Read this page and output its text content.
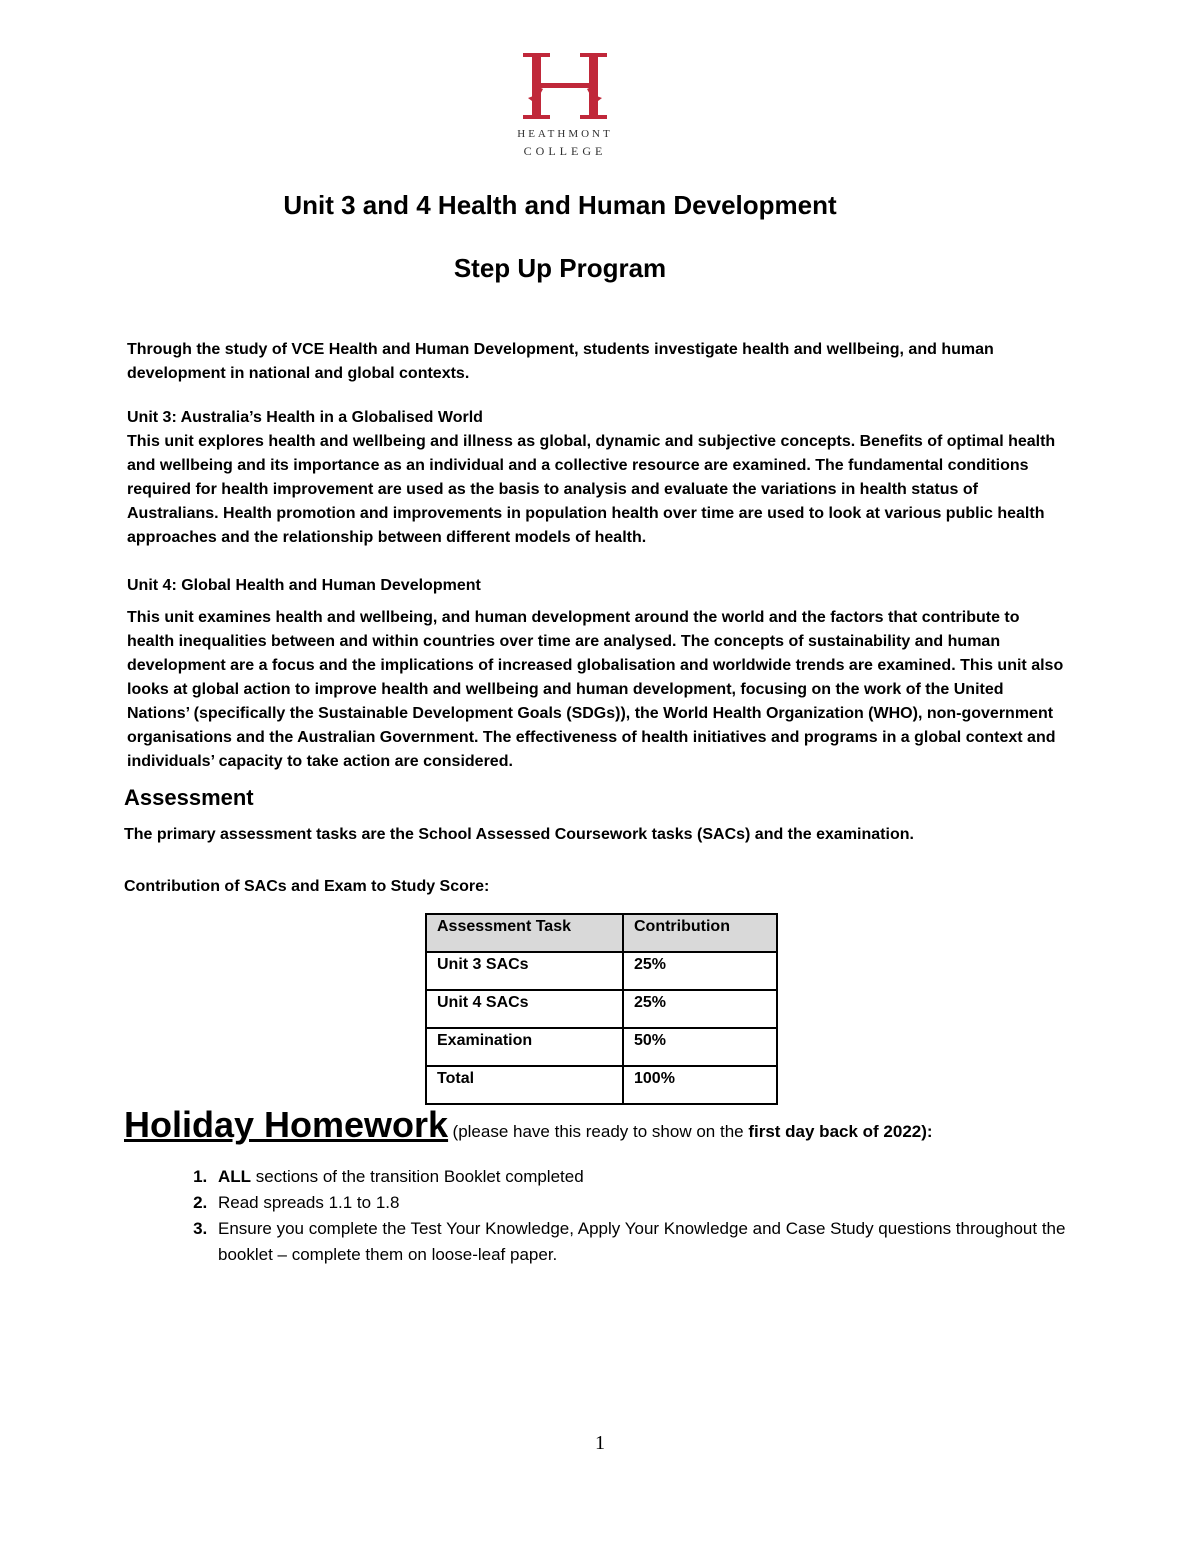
HEATHMONT
COLLEGE
Unit 3 and 4 Health and Human Development
Step Up Program

Through the study of VCE Health and Human Development, students investigate health and wellbeing, and human development in national and global contexts.

Unit 3: Australia’s Health in a Globalised World

This unit explores health and wellbeing and illness as global, dynamic and subjective concepts. Benefits of optimal health and wellbeing and its importance as an individual and a collective resource are examined. The fundamental conditions required for health improvement are used as the basis to analysis and evaluate the variations in health status of Australians. Health promotion and improvements in population health over time are used to look at various public health approaches and the relationship between different models of health.

Unit 4: Global Health and Human Development

This unit examines health and wellbeing, and human development around the world and the factors that contribute to health inequalities between and within countries over time are analysed. The concepts of sustainability and human development are a focus and the implications of increased globalisation and worldwide trends are examined. This unit also looks at global action to improve health and wellbeing and human development, focusing on the work of the United Nations’ (specifically the Sustainable Development Goals (SDGs)), the World Health Organization (WHO), non-government organisations and the Australian Government. The effectiveness of health initiatives and programs in a global context and individuals’ capacity to take action are considered.

Assessment

The primary assessment tasks are the School Assessed Coursework tasks (SACs) and the examination.

Contribution of SACs and Exam to Study Score:

Assessment Task	Contribution
Unit 3 SACs	25%
Unit 4 SACs	25%
Examination	50%
Total	100%
Holiday Homework (please have this ready to show on the first day back of 2022):
1. ALL sections of the transition Booklet completed
2. Read spreads 1.1 to 1.8
3. Ensure you complete the Test Your Knowledge, Apply Your Knowledge and Case Study questions throughout the booklet – complete them on loose-leaf paper.
1
